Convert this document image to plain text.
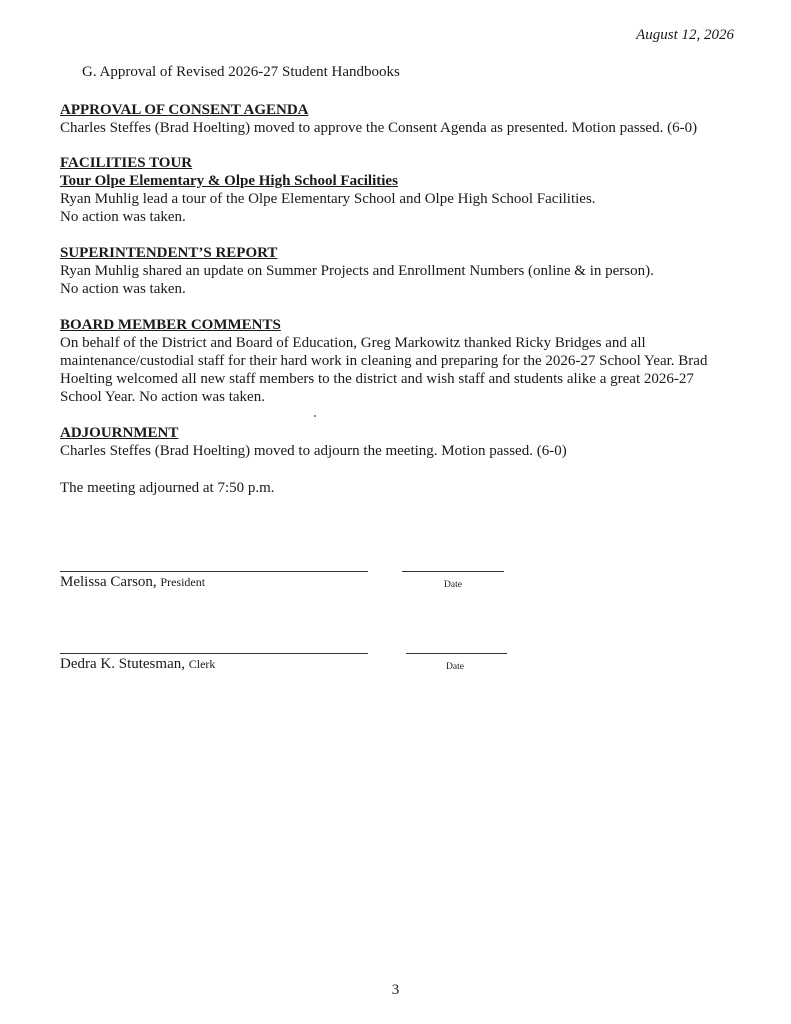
August 12, 2026
G. Approval of Revised 2026-27 Student Handbooks
APPROVAL OF CONSENT AGENDA
Charles Steffes (Brad Hoelting) moved to approve the Consent Agenda as presented. Motion passed. (6-0)
FACILITIES TOUR
Tour Olpe Elementary & Olpe High School Facilities
Ryan Muhlig lead a tour of the Olpe Elementary School and Olpe High School Facilities.
No action was taken.
SUPERINTENDENT’S REPORT
Ryan Muhlig shared an update on Summer Projects and Enrollment Numbers (online & in person).
No action was taken.
BOARD MEMBER COMMENTS
On behalf of the District and Board of Education, Greg Markowitz thanked Ricky Bridges and all
maintenance/custodial staff for their hard work in cleaning and preparing for the 2026-27 School Year. Brad
Hoelting welcomed all new staff members to the district and wish staff and students alike a great 2026-27
School Year. No action was taken.
ADJOURNMENT
Charles Steffes (Brad Hoelting) moved to adjourn the meeting. Motion passed. (6-0)
The meeting adjourned at 7:50 p.m.
Melissa Carson, President	Date
Dedra K. Stutesman, Clerk	Date
3
